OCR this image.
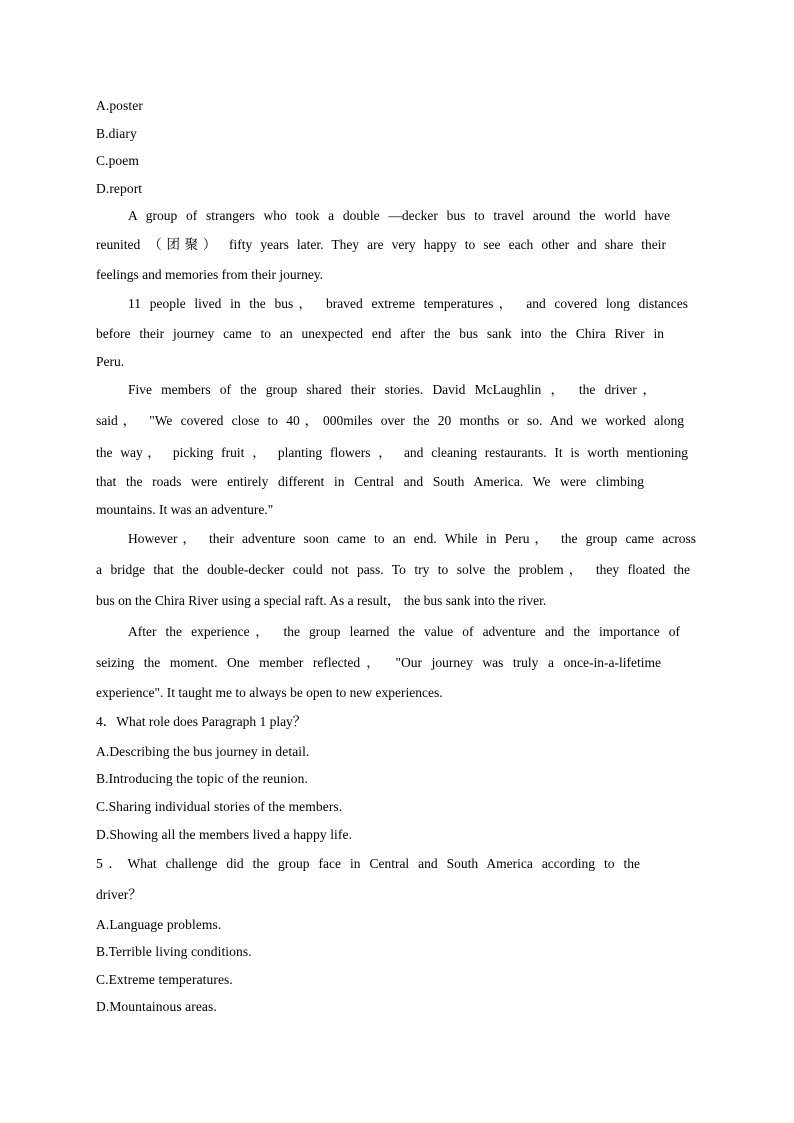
A.poster
B.diary
C.poem
D.report
A group of strangers who took a double —decker bus to travel around the world have
reunited （团聚） fifty years later. They are very happy to see each other and share their
feelings and memories from their journey.
11 people lived in the bus， braved extreme temperatures， and covered long distances
before their journey came to an unexpected end after the bus sank into the Chira River in
Peru.
Five members of the group shared their stories. David McLaughlin ， the driver，
said， "We covered close to 40，000miles over the 20 months or so. And we worked along
the way， picking fruit ， planting flowers ， and cleaning restaurants. It is worth mentioning
that the roads were entirely different in Central and South America. We were climbing
mountains. It was an adventure."
However， their adventure soon came to an end. While in Peru， the group came across
a bridge that the double-decker could not pass. To try to solve the problem， they floated the
bus on the Chira River using a special raft. As a result， the bus sank into the river.
After the experience， the group learned the value of adventure and the importance of
seizing the moment. One member reflected， "Our journey was truly a once-in-a-lifetime
experience". It taught me to always be open to new experiences.
4．What role does Paragraph 1 play？
A.Describing the bus journey in detail.
B.Introducing the topic of the reunion.
C.Sharing individual stories of the members.
D.Showing all the members lived a happy life.
5．What challenge did the group face in Central and South America according to the
driver？
A.Language problems.
B.Terrible living conditions.
C.Extreme temperatures.
D.Mountainous areas.
